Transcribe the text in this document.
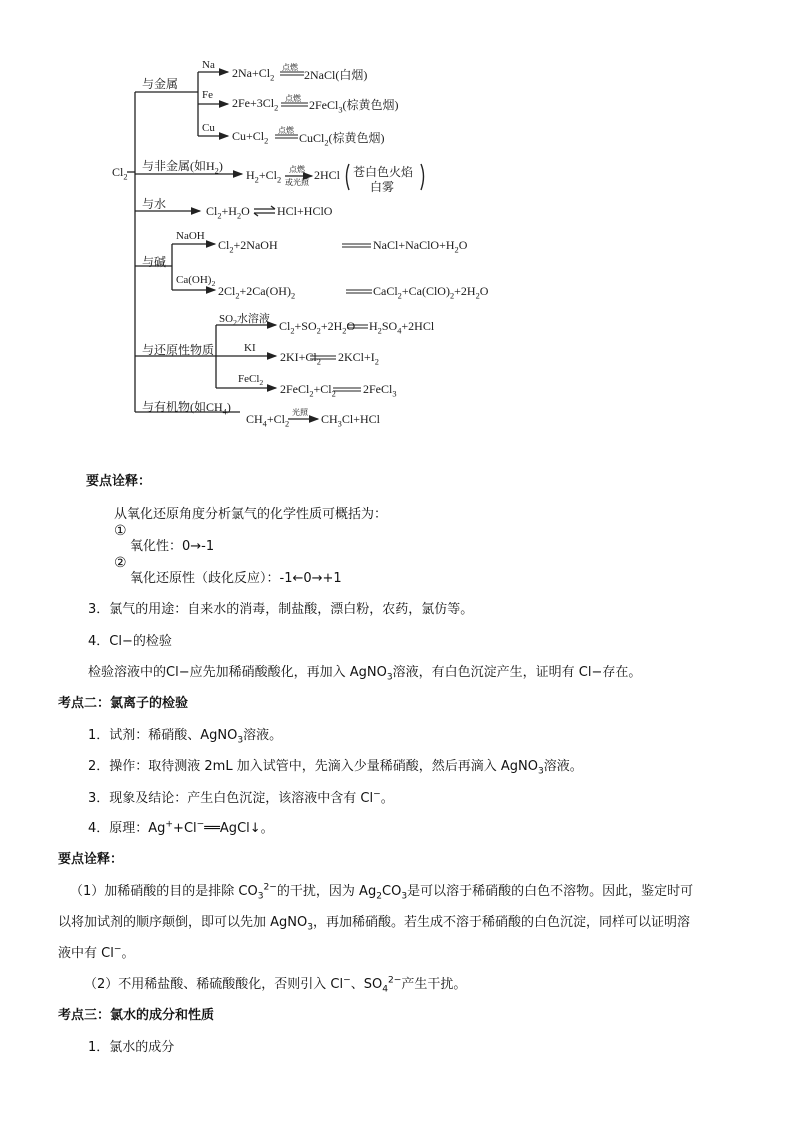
$Cl_2$
与金属
与非金属(如$H_2$)
与水
与碱
与还原性物质
与有机物(如$CH_4$)
Na
Fe
Cu
NaOH
$Ca(OH)_2$
$SO_2$水溶液
KI
FeCl$_2$
点燃
点燃
点燃
点燃
或光照
光照
$2Na+Cl_2$ 2NaCl(白烟)
$2Fe+3Cl_2$	2FeCl$_3$(棕黄色烟)
$Cu+Cl_2$	CuCl$_2$(棕黄色烟)
$H_2+Cl_2$	2HCl 苍白色火焰
白雾
$Cl_2+H_2O$ HCl+HClO
$Cl_2+2NaOH$	$NaCl+NaClO+H_2O$
$2Cl_2+2Ca(OH)_2$	$CaCl_2+Ca(ClO)_2+2H_2O$
$Cl_2+SO_2+2H_2O$ $H_2SO_4+2HCl$
$2KI+Cl_2$ $2KCl+I_2$
$2FeCl_2+Cl_2$ 2FeCl$_3$
$CH_4+Cl_2$	$CH_3Cl+HCl$
要点诠释：
从氧化还原角度分析氯气的化学性质可概括为：
①
氧化性：0→-1
②
氧化还原性（歧化反应）：-1←0→+1
3．氯气的用途：自来水的消毒，制盐酸，漂白粉，农药，氯仿等。
4．Cl−的检验
检验溶液中的Cl−应先加稀硝酸酸化，再加入 AgNO$_3$溶液，有白色沉淀产生，证明有 Cl−存在。
考点二：氯离子的检验
1．试剂：稀硝酸、AgNO$_3$溶液。
2．操作：取待测液 2mL 加入试管中，先滴入少量稀硝酸，然后再滴入 AgNO$_3$溶液。
3．现象及结论：产生白色沉淀，该溶液中含有 Cl−。
4．原理：Ag++Cl−══AgCl↓。
要点诠释：
（1）加稀硝酸的目的是排除 $CO_3^{2-}$的干扰，因为 $Ag_2CO_3$是可以溶于稀硝酸的白色不溶物。因此，鉴定时可
以将加试剂的顺序颠倒，即可以先加 AgNO$_3$，再加稀硝酸。若生成不溶于稀硝酸的白色沉淀，同样可以证明溶
液中有 Cl−。
（2）不用稀盐酸、稀硫酸酸化，否则引入 Cl−、$SO_4^{2-}$产生干扰。
考点三：氯水的成分和性质
1．氯水的成分
